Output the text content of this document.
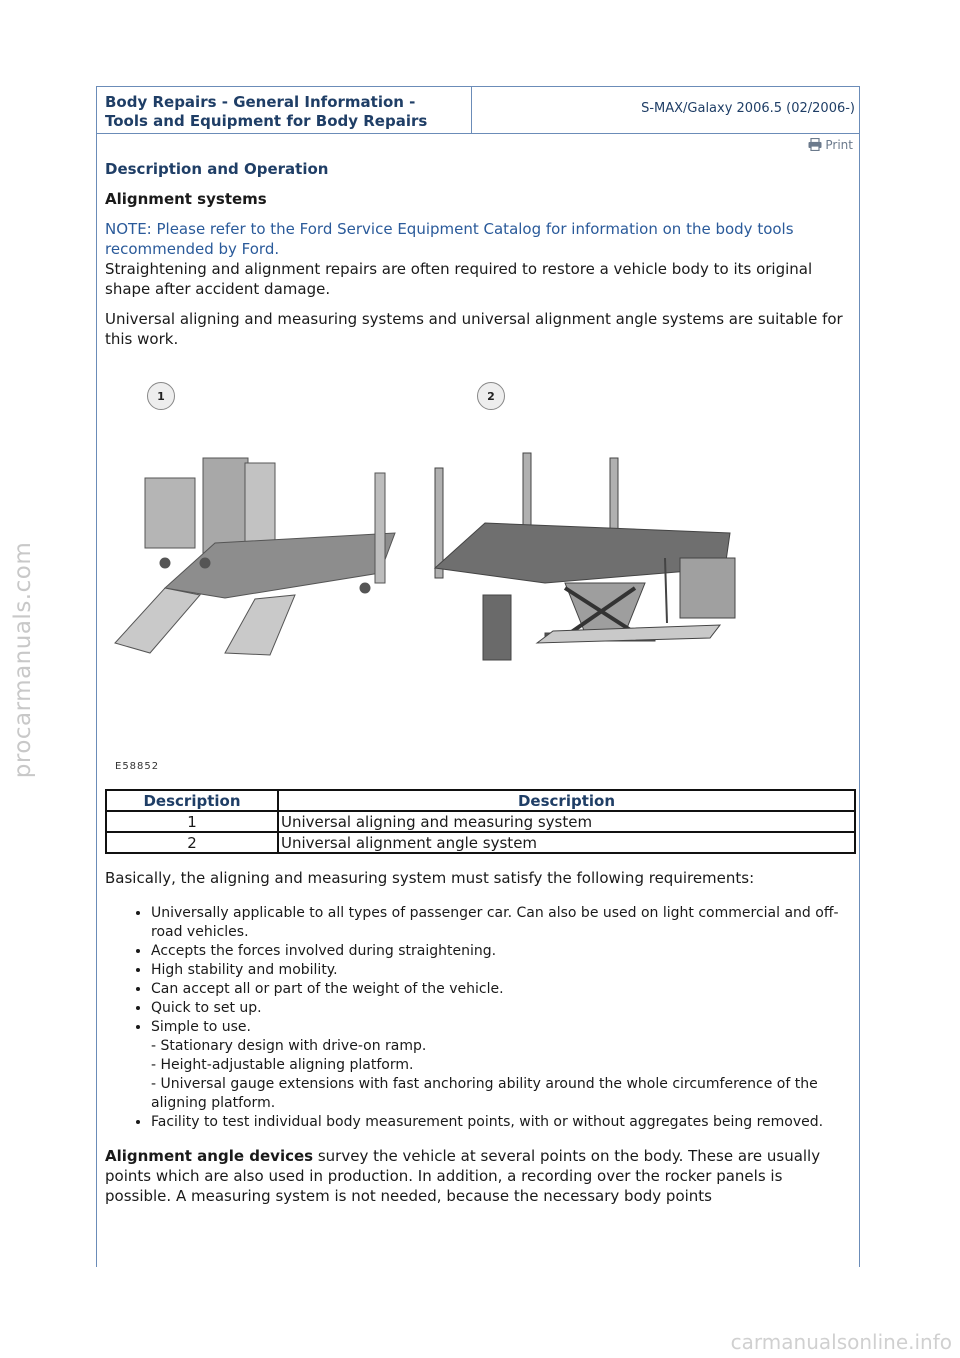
procarmanuals.com
Body Repairs - General Information -
Tools and Equipment for Body Repairs
S-MAX/Galaxy 2006.5 (02/2006-)
Print
Description and Operation
Alignment systems

NOTE: Please refer to the Ford Service Equipment Catalog for information on the body tools recommended by Ford.

Straightening and alignment repairs are often required to restore a vehicle body to its original shape after accident damage.

Universal aligning and measuring systems and universal alignment angle systems are suitable for this work.

1	2
E58852
Description	Description
1	Universal aligning and measuring system
2	Universal alignment angle system

Basically, the aligning and measuring system must satisfy the following requirements:

• Universally applicable to all types of passenger car. Can also be used on light commercial and off-road vehicles.
• Accepts the forces involved during straightening.
• High stability and mobility.
• Can accept all or part of the weight of the vehicle.
• Quick to set up.
• Simple to use.
- Stationary design with drive-on ramp.
- Height-adjustable aligning platform.
- Universal gauge extensions with fast anchoring ability around the whole circumference of the aligning platform.
• Facility to test individual body measurement points, with or without aggregates being removed.

Alignment angle devices survey the vehicle at several points on the body. These are usually points which are also used in production. In addition, a recording over the rocker panels is possible. A measuring system is not needed, because the necessary body points

carmanualsonline.info
